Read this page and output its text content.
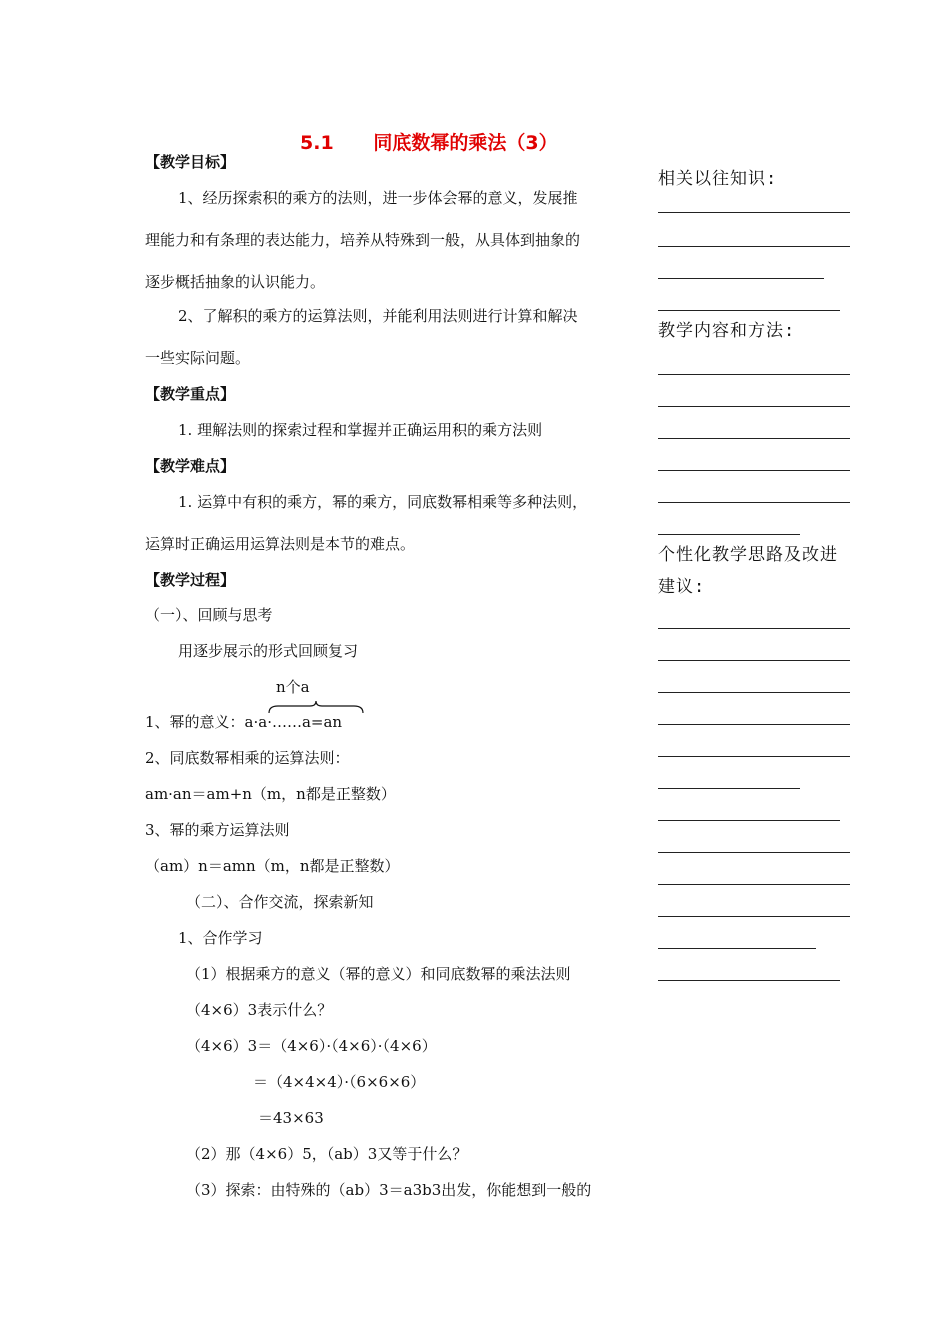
5.1      同底数幂的乘法（3）
【教学目标】
1、经历探索积的乘方的法则，进一步体会幂的意义，发展推
理能力和有条理的表达能力，培养从特殊到一般，从具体到抽象的
逐步概括抽象的认识能力。
2、了解积的乘方的运算法则，并能利用法则进行计算和解决
一些实际问题。
【教学重点】
1. 理解法则的探索过程和掌握并正确运用积的乘方法则
【教学难点】
1. 运算中有积的乘方，幂的乘方，同底数幂相乘等多种法则，
运算时正确运用运算法则是本节的难点。
【教学过程】
（一）、回顾与思考
用逐步展示的形式回顾复习
n个a
1、幂的意义：a·a·……a=an
2、同底数幂相乘的运算法则：
am·an＝am+n（m，n都是正整数）
3、幂的乘方运算法则
（am）n＝amn（m，n都是正整数）
（二）、合作交流，探索新知
1、合作学习
（1）根据乘方的意义（幂的意义）和同底数幂的乘法法则
（4×6）3表示什么？
（4×6）3＝（4×6）·（4×6）·（4×6）
＝（4×4×4）·（6×6×6）
＝43×63
（2）那（4×6）5，（ab）3又等于什么？
（3）探索：由特殊的（ab）3＝a3b3出发，你能想到一般的
相关以往知识:
教学内容和方法:
个性化教学思路及改进
建议:
